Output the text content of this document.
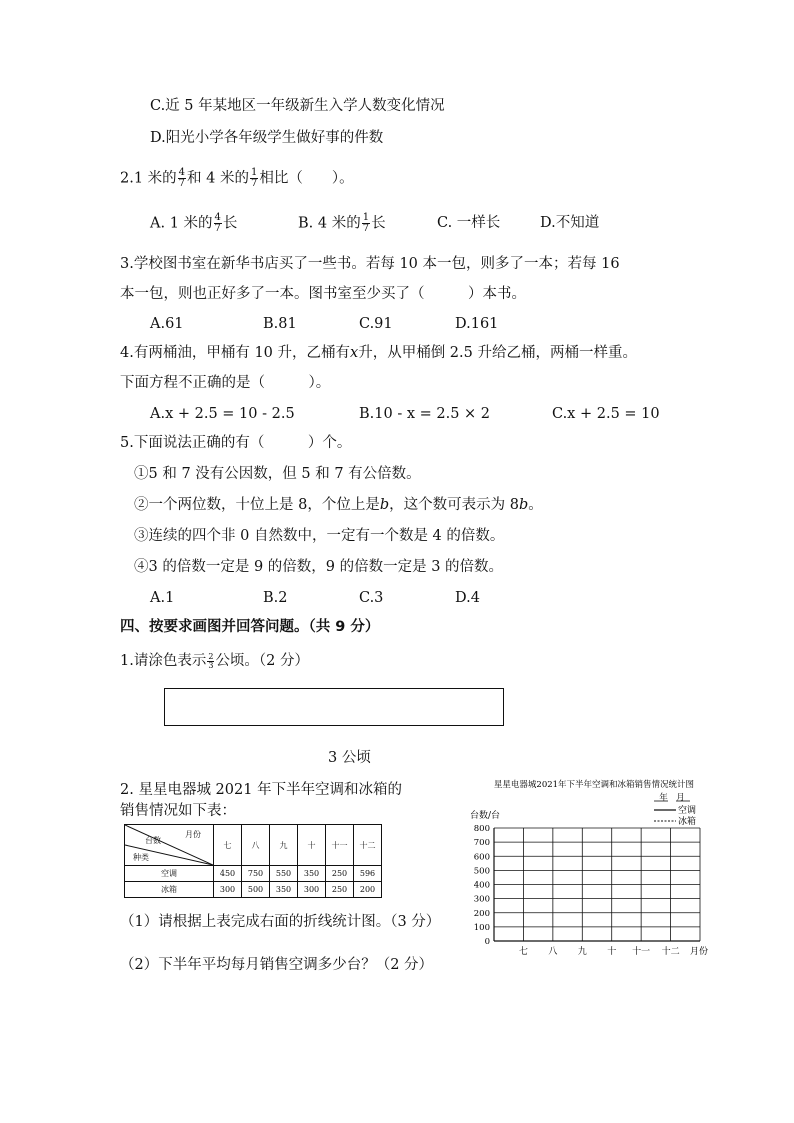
C.近 5 年某地区一年级新生入学人数变化情况
D.阳光小学各年级学生做好事的件数
2.1 米的 $\frac{4}{7}$ 和 4 米的 $\frac{1}{7}$ 相比（　　）。
A. 1 米的 $\frac{4}{7}$ 长	B. 4 米的 $\frac{1}{7}$ 长	C. 一样长	D.不知道
3.学校图书室在新华书店买了一些书。若每 10 本一包，则多了一本；若每 16
本一包，则也正好多了一本。图书室至少买了（　　　）本书。
A.61	B.81	C.91	D.161
4.有两桶油，甲桶有 10 升，乙桶有x升，从甲桶倒 2.5 升给乙桶，两桶一样重。
下面方程不正确的是（　　　）。
A.x + 2.5 = 10 - 2.5	B.10 - x = 2.5 × 2	C.x + 2.5 = 10
5.下面说法正确的有（　　　）个。
①5 和 7 没有公因数，但 5 和 7 有公倍数。
②一个两位数，十位上是 8，个位上是b，这个数可表示为 8b。
③连续的四个非 0 自然数中，一定有一个数是 4 的倍数。
④3 的倍数一定是 9 的倍数，9 的倍数一定是 3 的倍数。
A.1	B.2	C.3	D.4
四、按要求画图并回答问题。（共 9 分）
1.请涂色表示 $\frac{2}{3}$ 公顷。（2 分）
3 公顷
2. 星星电器城 2021 年下半年空调和冰箱的
销售情况如下表：
月份
台数
种类	七	八	九	十	十一	十二
空调	450	750	550	350	250	596
冰箱	300	500	350	300	250	200
（1）请根据上表完成右面的折线统计图。（3 分）
（2）下半年平均每月销售空调多少台？（2 分）
星星电器城2021年下半年空调和冰箱销售情况统计图
年　月
空调
冰箱
台数/台
月份
0
100
200
300
400
500
600
700
800
七 八 九 十 十一 十二
